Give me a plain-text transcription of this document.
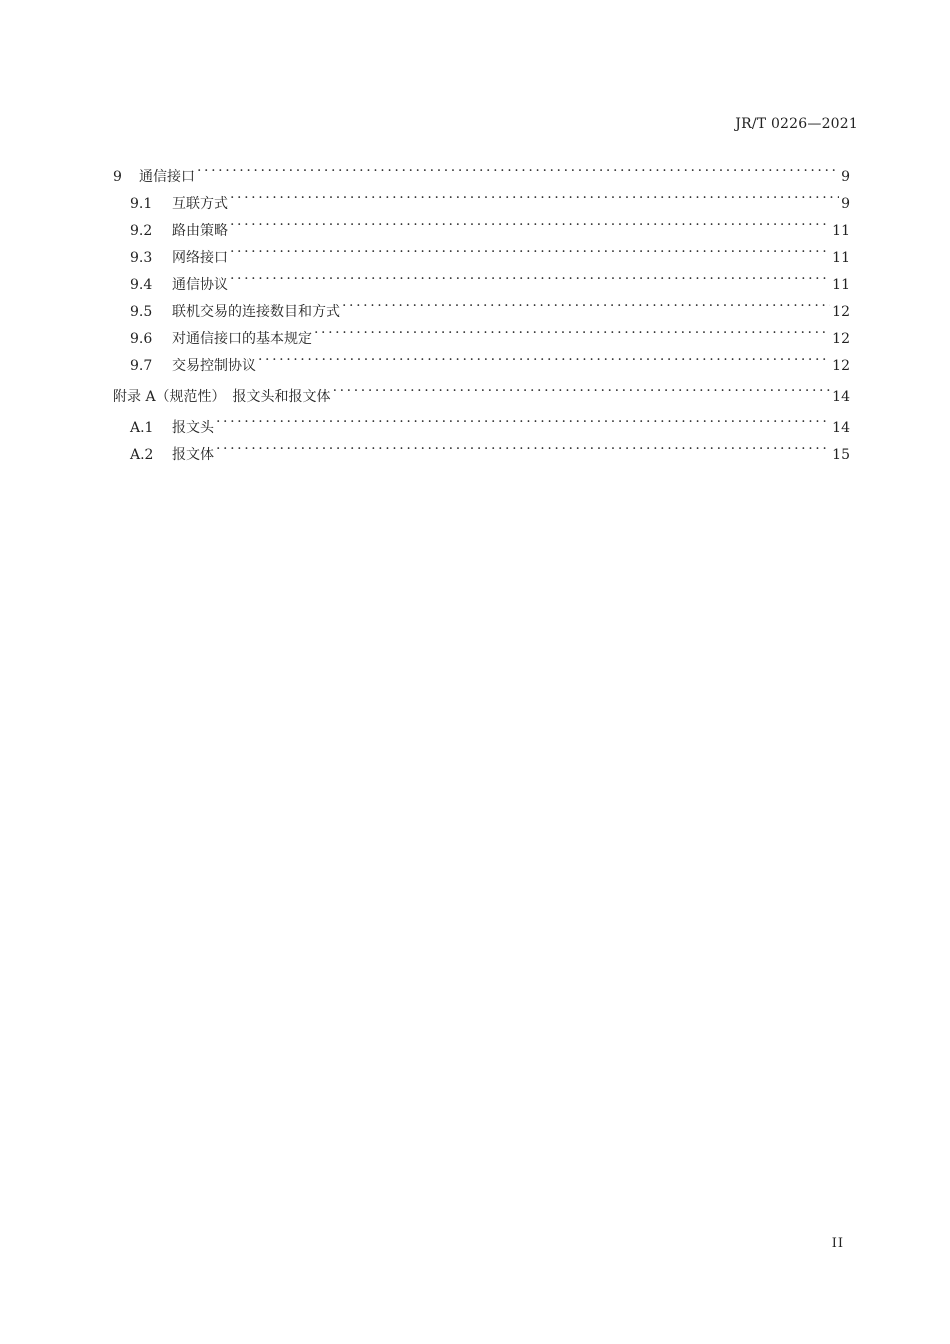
JR/T 0226—2021
9	通信接口 .....	9
9.1	互联方式 .....	9
9.2	路由策略 .....	11
9.3	网络接口 .....	11
9.4	通信协议 .....	11
9.5	联机交易的连接数目和方式 .....	12
9.6	对通信接口的基本规定 .....	12
9.7	交易控制协议 .....	12
附录 A（规范性）　报文头和报文体 .....	14
A.1	报文头 .....	14
A.2	报文体 .....	15
II
